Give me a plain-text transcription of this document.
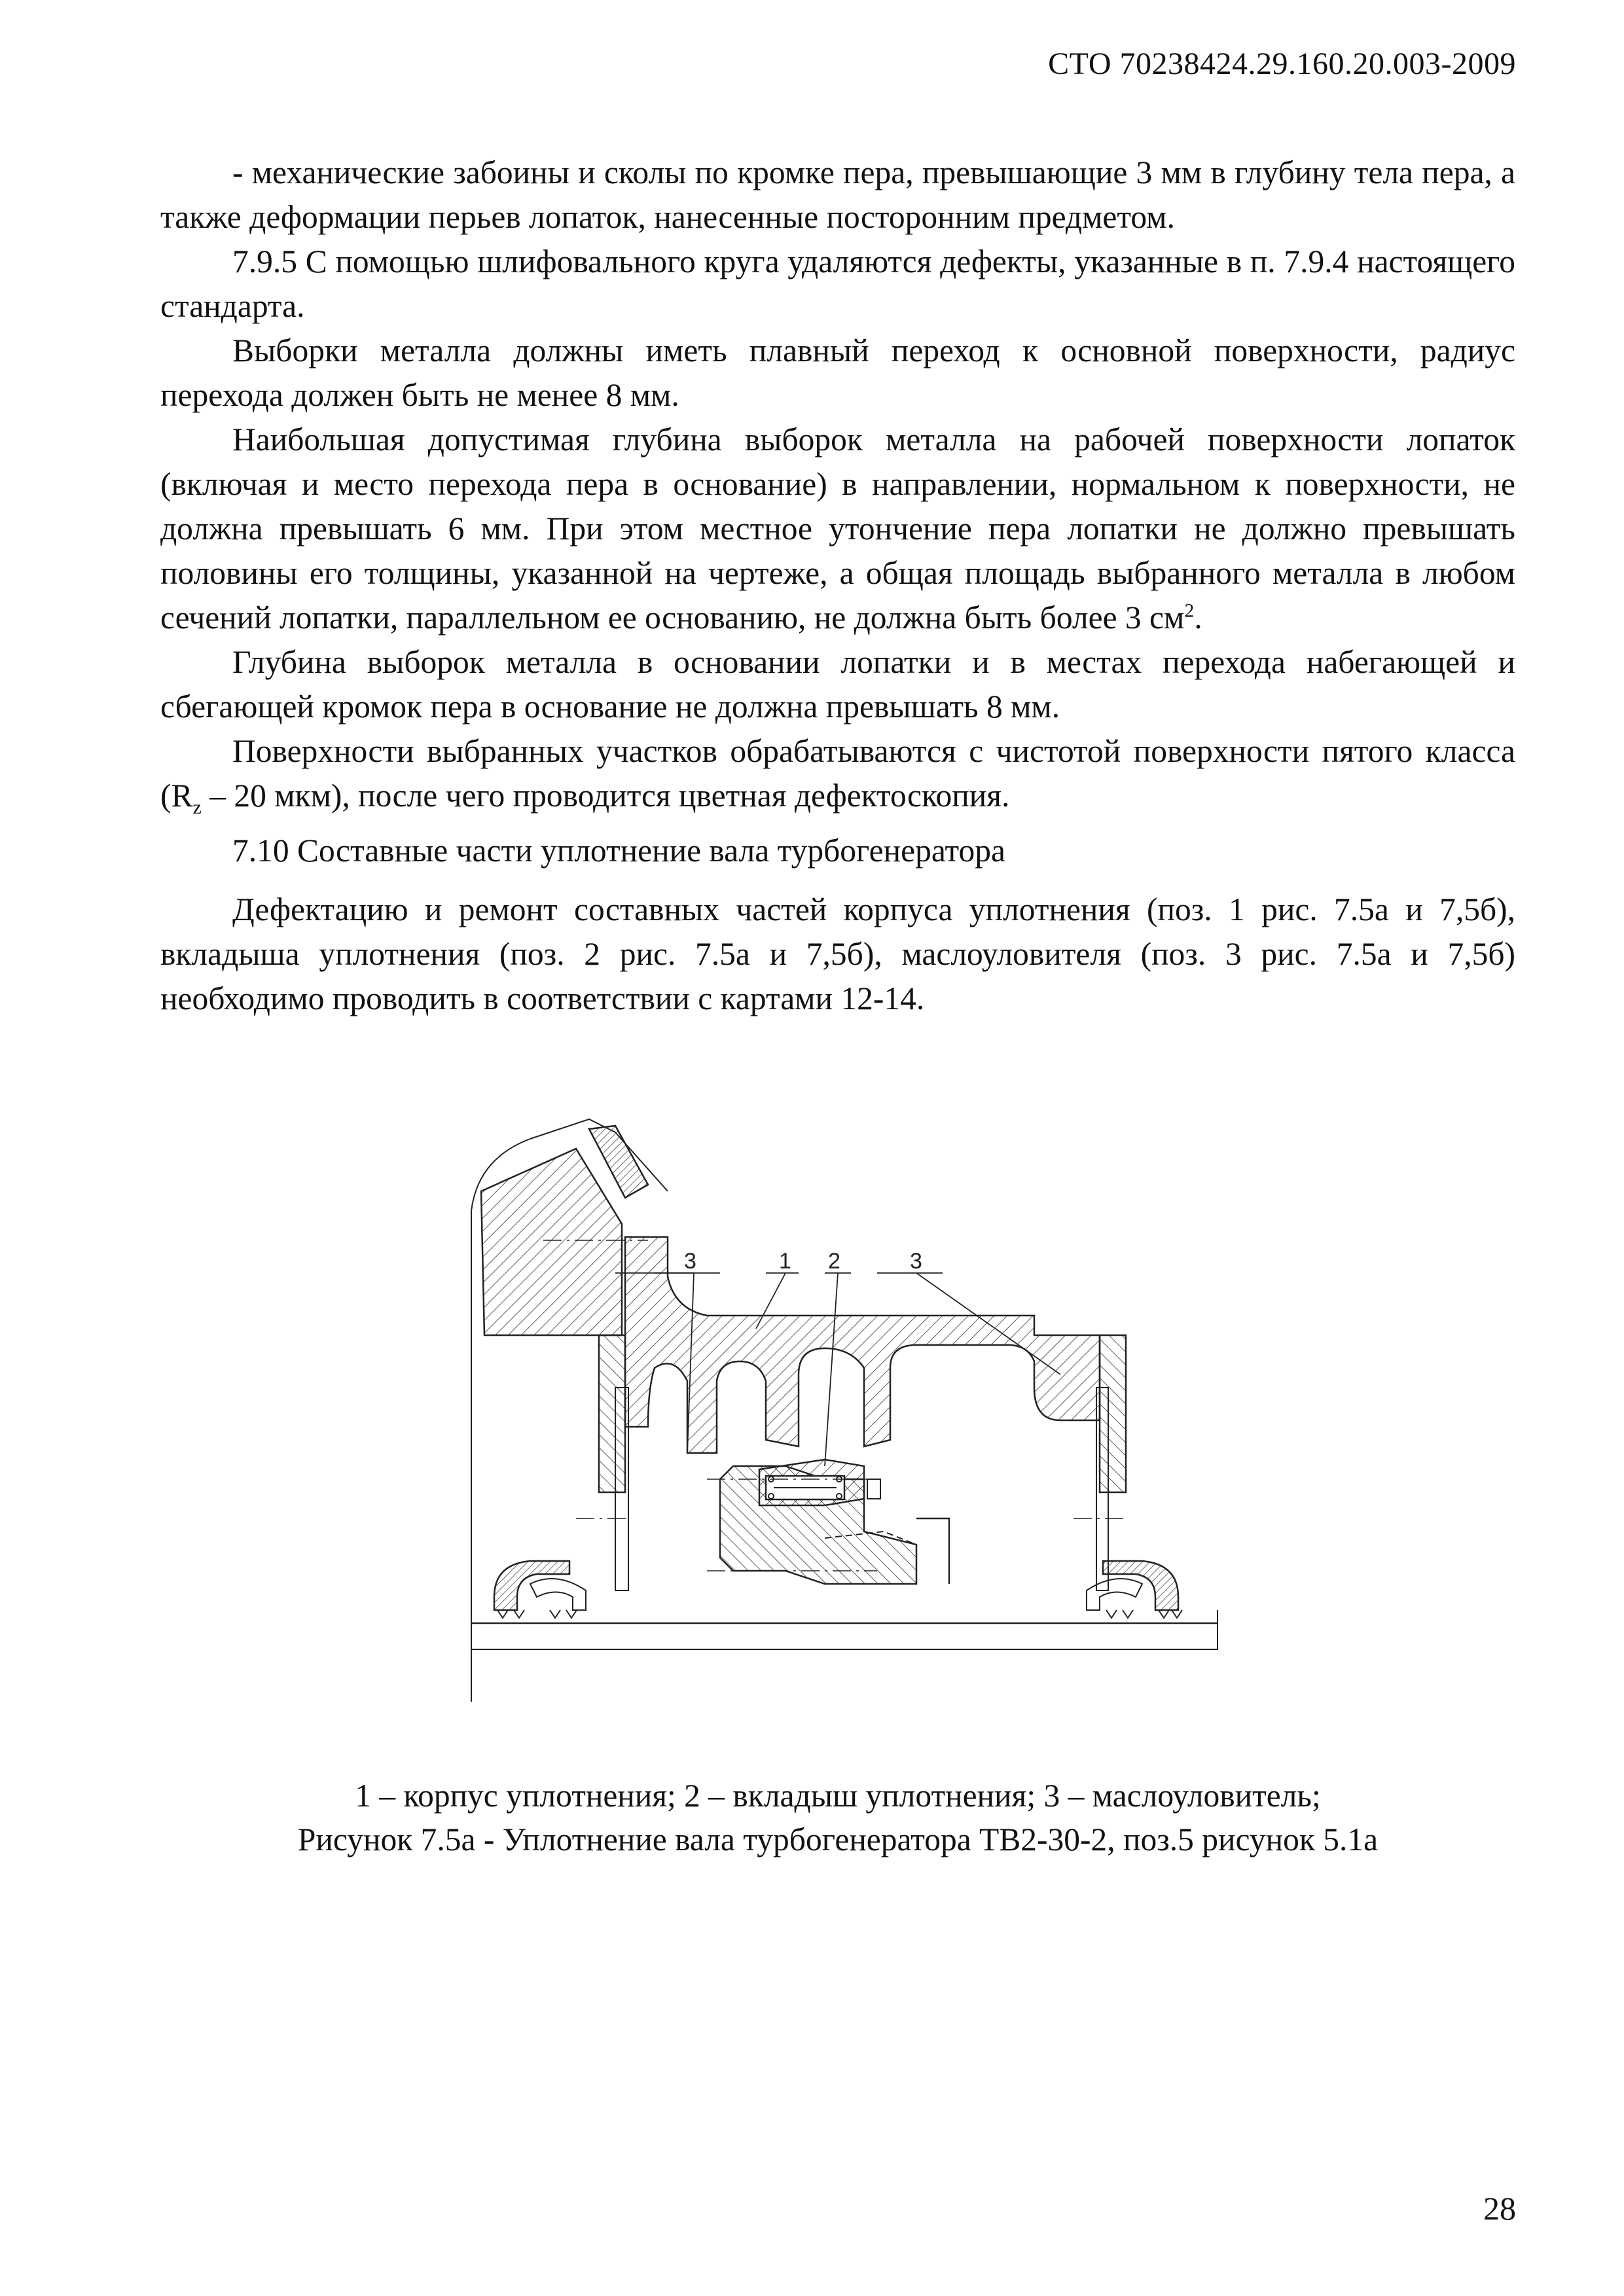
СТО 70238424.29.160.20.003-2009

- механические забоины и сколы по кромке пера, превышающие 3 мм в глубину тела пера, а также деформации перьев лопаток, нанесенные посторонним предметом.

7.9.5 С помощью шлифовального круга удаляются дефекты, указанные в п. 7.9.4 настоящего стандарта.

Выборки металла должны иметь плавный переход к основной поверхности, радиус перехода должен быть не менее 8 мм.

Наибольшая допустимая глубина выборок металла на рабочей поверхности лопаток (включая и место перехода пера в основание) в направлении, нормальном к поверхности, не должна превышать 6 мм. При этом местное утончение пера лопатки не должно превышать половины его толщины, указанной на чертеже, а общая площадь выбранного металла в любом сечений лопатки, параллельном ее основанию, не должна быть более 3 $см^2$.

Глубина выборок металла в основании лопатки и в местах перехода набегающей и сбегающей кромок пера в основание не должна превышать 8 мм.

Поверхности выбранных участков обрабатываются с чистотой поверхности пятого класса ($R_z - 20$ мкм), после чего проводится цветная дефектоскопия.

7.10 Составные части уплотнение вала турбогенератора

Дефектацию и ремонт составных частей корпуса уплотнения (поз. 1 рис. 7.5а и 7,5б), вкладыша уплотнения (поз. 2 рис. 7.5а и 7,5б), маслоуловителя (поз. 3 рис. 7.5а и 7,5б) необходимо проводить в соответствии с картами 12-14.

3	1 2	3
1 – корпус уплотнения; 2 – вкладыш уплотнения; 3 – маслоуловитель;
Рисунок 7.5а - Уплотнение вала турбогенератора ТВ2-30-2, поз.5 рисунок 5.1а
28
